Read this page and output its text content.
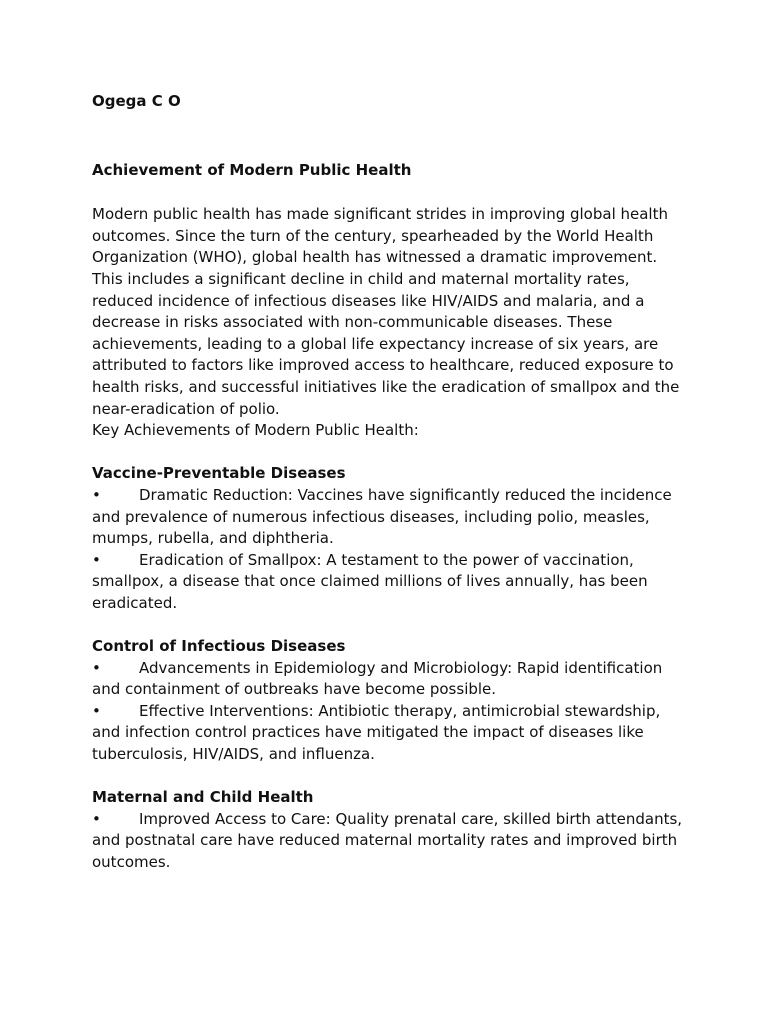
Ogega C O
Achievement of Modern Public Health
Modern public health has made significant strides in improving global health
outcomes. Since the turn of the century, spearheaded by the World Health
Organization (WHO), global health has witnessed a dramatic improvement.
This includes a significant decline in child and maternal mortality rates,
reduced incidence of infectious diseases like HIV/AIDS and malaria, and a
decrease in risks associated with non-communicable diseases. These
achievements, leading to a global life expectancy increase of six years, are
attributed to factors like improved access to healthcare, reduced exposure to
health risks, and successful initiatives like the eradication of smallpox and the
near-eradication of polio.
Key Achievements of Modern Public Health:
Vaccine-Preventable Diseases
•	Dramatic Reduction: Vaccines have significantly reduced the incidence
and prevalence of numerous infectious diseases, including polio, measles,
mumps, rubella, and diphtheria.
•	Eradication of Smallpox: A testament to the power of vaccination,
smallpox, a disease that once claimed millions of lives annually, has been
eradicated.
Control of Infectious Diseases
•	Advancements in Epidemiology and Microbiology: Rapid identification
and containment of outbreaks have become possible.
•	Effective Interventions: Antibiotic therapy, antimicrobial stewardship,
and infection control practices have mitigated the impact of diseases like
tuberculosis, HIV/AIDS, and influenza.
Maternal and Child Health
•	Improved Access to Care: Quality prenatal care, skilled birth attendants,
and postnatal care have reduced maternal mortality rates and improved birth
outcomes.
